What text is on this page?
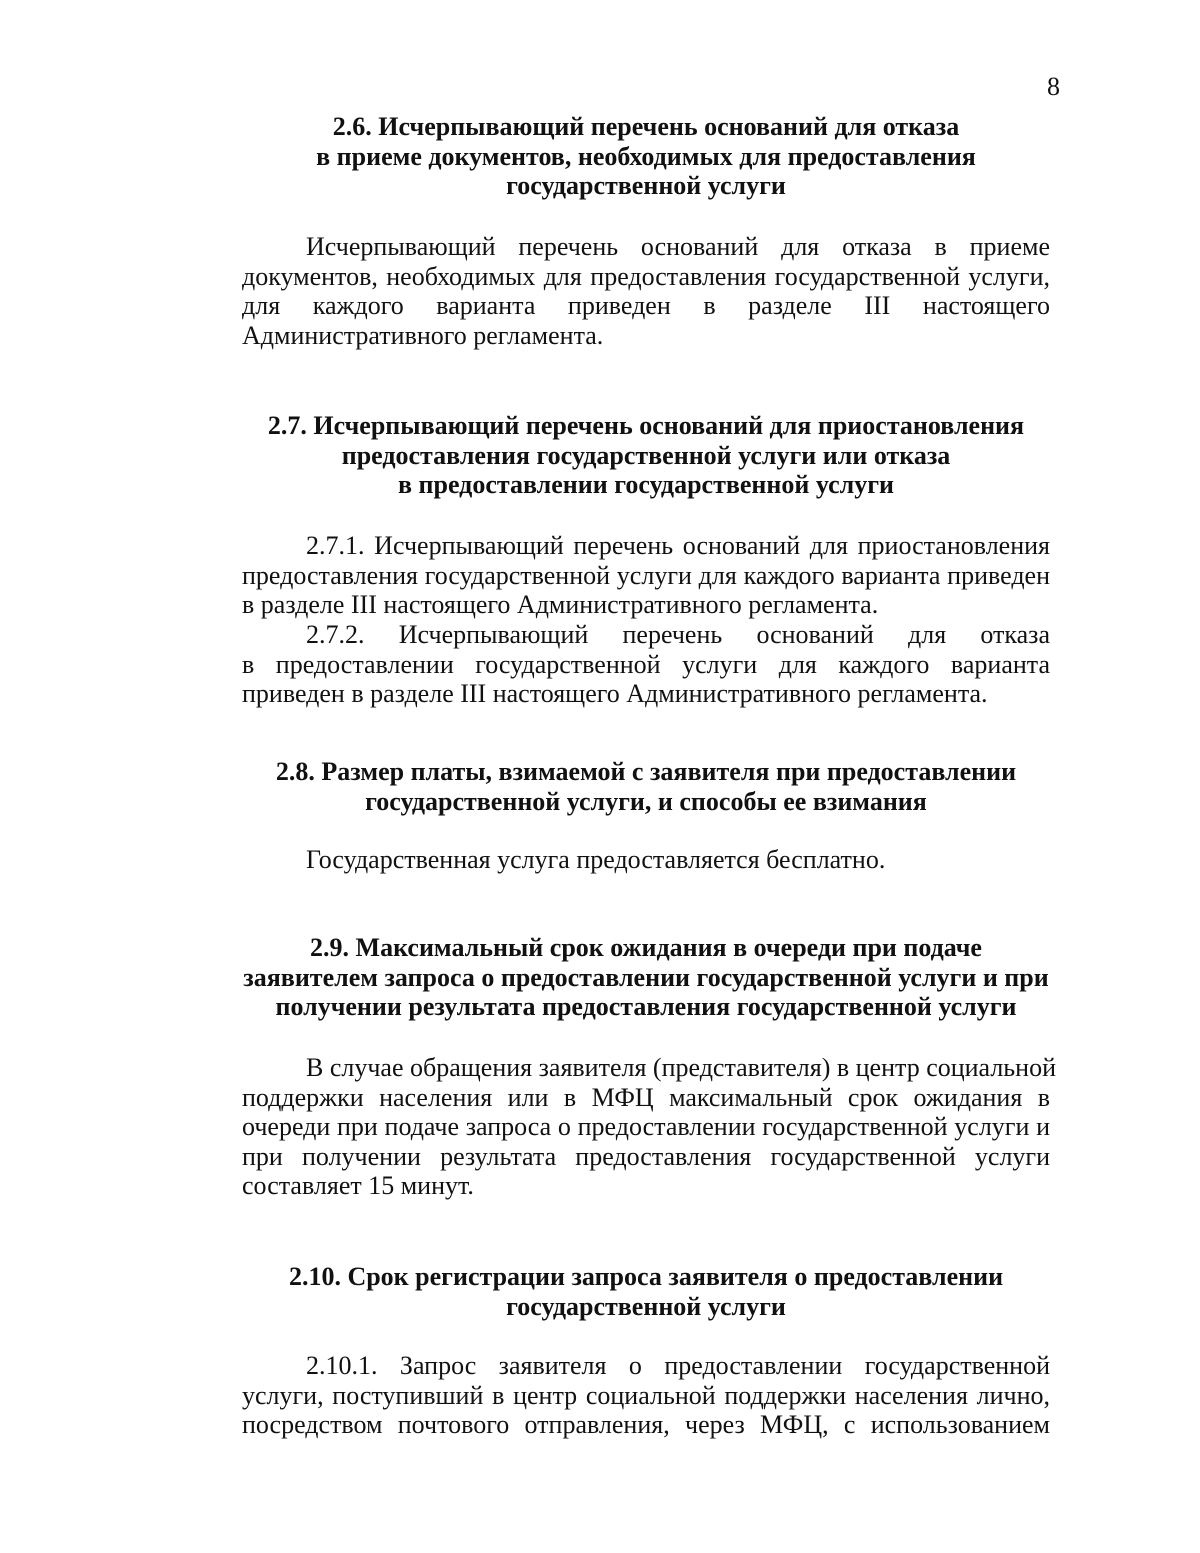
8
2.6. Исчерпывающий перечень оснований для отказа
в приеме документов, необходимых для предоставления
государственной услуги
Исчерпывающий перечень оснований для отказа в приеме
документов, необходимых для предоставления государственной услуги,
для каждого варианта приведен в разделе III настоящего
Административного регламента.
2.7. Исчерпывающий перечень оснований для приостановления
предоставления государственной услуги или отказа
в предоставлении государственной услуги
2.7.1. Исчерпывающий перечень оснований для приостановления
предоставления государственной услуги для каждого варианта приведен
в разделе III настоящего Административного регламента.
2.7.2. Исчерпывающий перечень оснований для отказа
в предоставлении государственной услуги для каждого варианта
приведен в разделе III настоящего Административного регламента.
2.8. Размер платы, взимаемой с заявителя при предоставлении
государственной услуги, и способы ее взимания
Государственная услуга предоставляется бесплатно.
2.9. Максимальный срок ожидания в очереди при подаче
заявителем запроса о предоставлении государственной услуги и при
получении результата предоставления государственной услуги
В случае обращения заявителя (представителя) в центр социальной
поддержки населения или в МФЦ максимальный срок ожидания в
очереди при подаче запроса о предоставлении государственной услуги и
при получении результата предоставления государственной услуги
составляет 15 минут.
2.10. Срок регистрации запроса заявителя о предоставлении
государственной услуги
2.10.1. Запрос заявителя о предоставлении государственной
услуги, поступивший в центр социальной поддержки населения лично,
посредством почтового отправления, через МФЦ, с использованием
